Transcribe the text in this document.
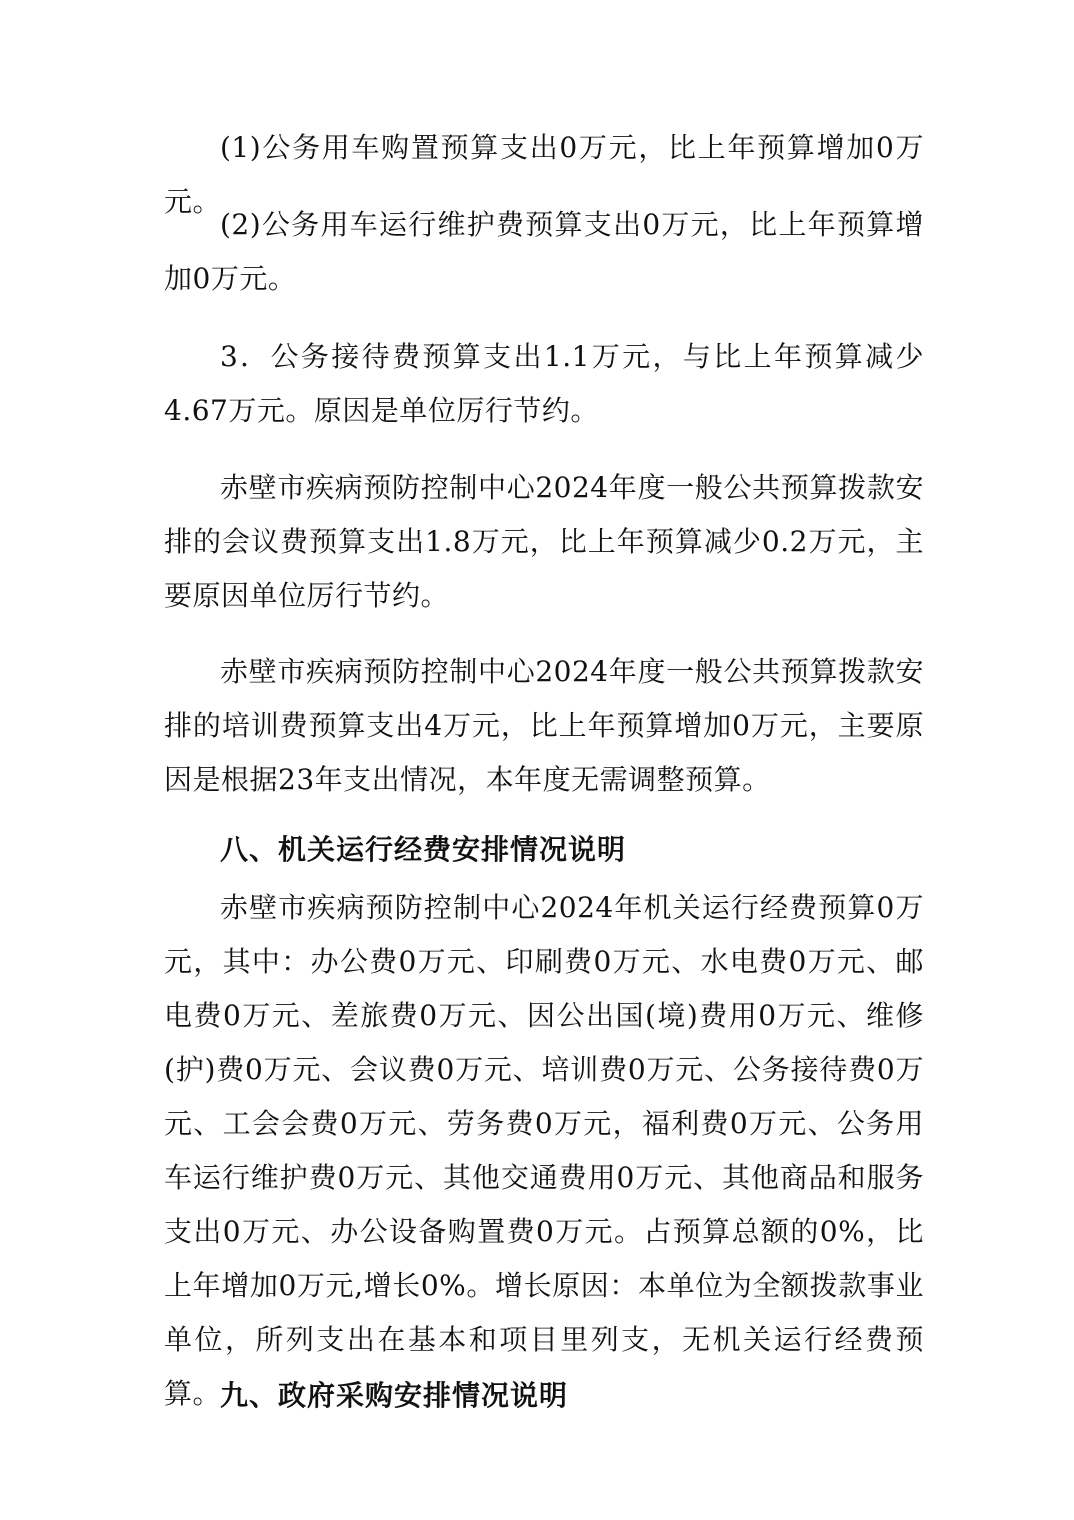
(1)公务用车购置预算支出0万元，比上年预算增加0万元。

(2)公务用车运行维护费预算支出0万元，比上年预算增加0万元。

3．公务接待费预算支出1.1万元，与比上年预算减少4.67万元。原因是单位厉行节约。

赤壁市疾病预防控制中心2024年度一般公共预算拨款安排的会议费预算支出1.8万元，比上年预算减少0.2万元，主要原因单位厉行节约。

赤壁市疾病预防控制中心2024年度一般公共预算拨款安排的培训费预算支出4万元，比上年预算增加0万元，主要原因是根据23年支出情况，本年度无需调整预算。

八、机关运行经费安排情况说明

赤壁市疾病预防控制中心2024年机关运行经费预算0万元，其中：办公费0万元、印刷费0万元、水电费0万元、邮电费0万元、差旅费0万元、因公出国(境)费用0万元、维修(护)费0万元、会议费0万元、培训费0万元、公务接待费0万元、工会会费0万元、劳务费0万元，福利费0万元、公务用车运行维护费0万元、其他交通费用0万元、其他商品和服务支出0万元、办公设备购置费0万元。占预算总额的0%，比上年增加0万元,增长0%。增长原因：本单位为全额拨款事业单位，所列支出在基本和项目里列支，无机关运行经费预算。

九、政府采购安排情况说明
